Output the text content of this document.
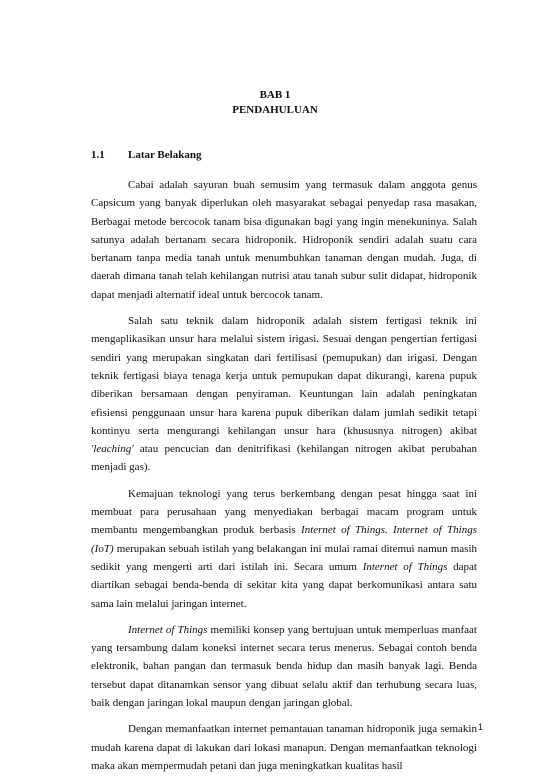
BAB 1
PENDAHULUAN
1.1 Latar Belakang

Cabai adalah sayuran buah semusim yang termasuk dalam anggota genus Capsicum yang banyak diperlukan oleh masyarakat sebagai penyedap rasa masakan, Berbagai metode bercocok tanam bisa digunakan bagi yang ingin menekuninya. Salah satunya adalah bertanam secara hidroponik. Hidroponik sendiri adalah suatu cara bertanam tanpa media tanah untuk menumbuhkan tanaman dengan mudah. Juga, di daerah dimana tanah telah kehilangan nutrisi atau tanah subur sulit didapat, hidroponik dapat menjadi alternatif ideal untuk bercocok tanam.

Salah satu teknik dalam hidroponik adalah sistem fertigasi teknik ini mengaplikasikan unsur hara melalui sistem irigasi. Sesuai dengan pengertian fertigasi sendiri yang merupakan singkatan dari fertilisasi (pemupukan) dan irigasi. Dengan teknik fertigasi biaya tenaga kerja untuk pemupukan dapat dikurangi, karena pupuk diberikan bersamaan dengan penyiraman. Keuntungan lain adalah peningkatan efisiensi penggunaan unsur hara karena pupuk diberikan dalam jumlah sedikit tetapi kontinyu serta mengurangi kehilangan unsur hara (khususnya nitrogen) akibat 'leaching' atau pencucian dan denitrifikasi (kehilangan nitrogen akibat perubahan menjadi gas).

Kemajuan teknologi yang terus berkembang dengan pesat hingga saat ini membuat para perusahaan yang menyediakan berbagai macam program untuk membantu mengembangkan produk berbasis Internet of Things. Internet of Things (IoT) merupakan sebuah istilah yang belakangan ini mulai ramai ditemui namun masih sedikit yang mengerti arti dari istilah ini. Secara umum Internet of Things dapat diartikan sebagai benda-benda di sekitar kita yang dapat berkomunikasi antara satu sama lain melalui jaringan internet.

Internet of Things memiliki konsep yang bertujuan untuk memperluas manfaat yang tersambung dalam koneksi internet secara terus menerus. Sebagai contoh benda elektronik, bahan pangan dan termasuk benda hidup dan masih banyak lagi. Benda tersebut dapat ditanamkan sensor yang dibuat selalu aktif dan terhubung secara luas, baik dengan jaringan lokal maupun dengan jaringan global.

Dengan memanfaatkan internet pemantauan tanaman hidroponik juga semakin mudah karena dapat di lakukan dari lokasi manapun. Dengan memanfaatkan teknologi maka akan mempermudah petani dan juga meningkatkan kualitas hasil

1
